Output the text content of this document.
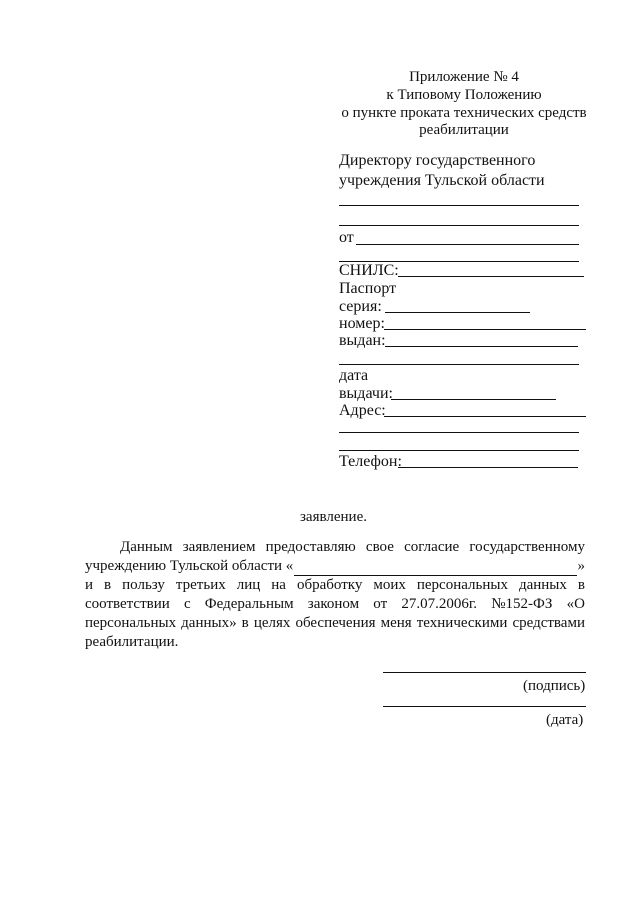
Приложение № 4
к Типовому Положению
о пункте проката технических средств
реабилитации
Директору государственного
учреждения Тульской области
от
СНИЛС:
Паспорт
серия:
номер:
выдан:
дата
выдачи:
Адрес:
Телефон:
заявление.
Данным заявлением предоставляю свое согласие государственному
учреждению Тульской области «	»
и в пользу третьих лиц на обработку моих персональных данных в
соответствии с Федеральным законом от 27.07.2006г. №152-ФЗ «О
персональных данных» в целях обеспечения меня техническими средствами
реабилитации.
(подпись)
(дата)
